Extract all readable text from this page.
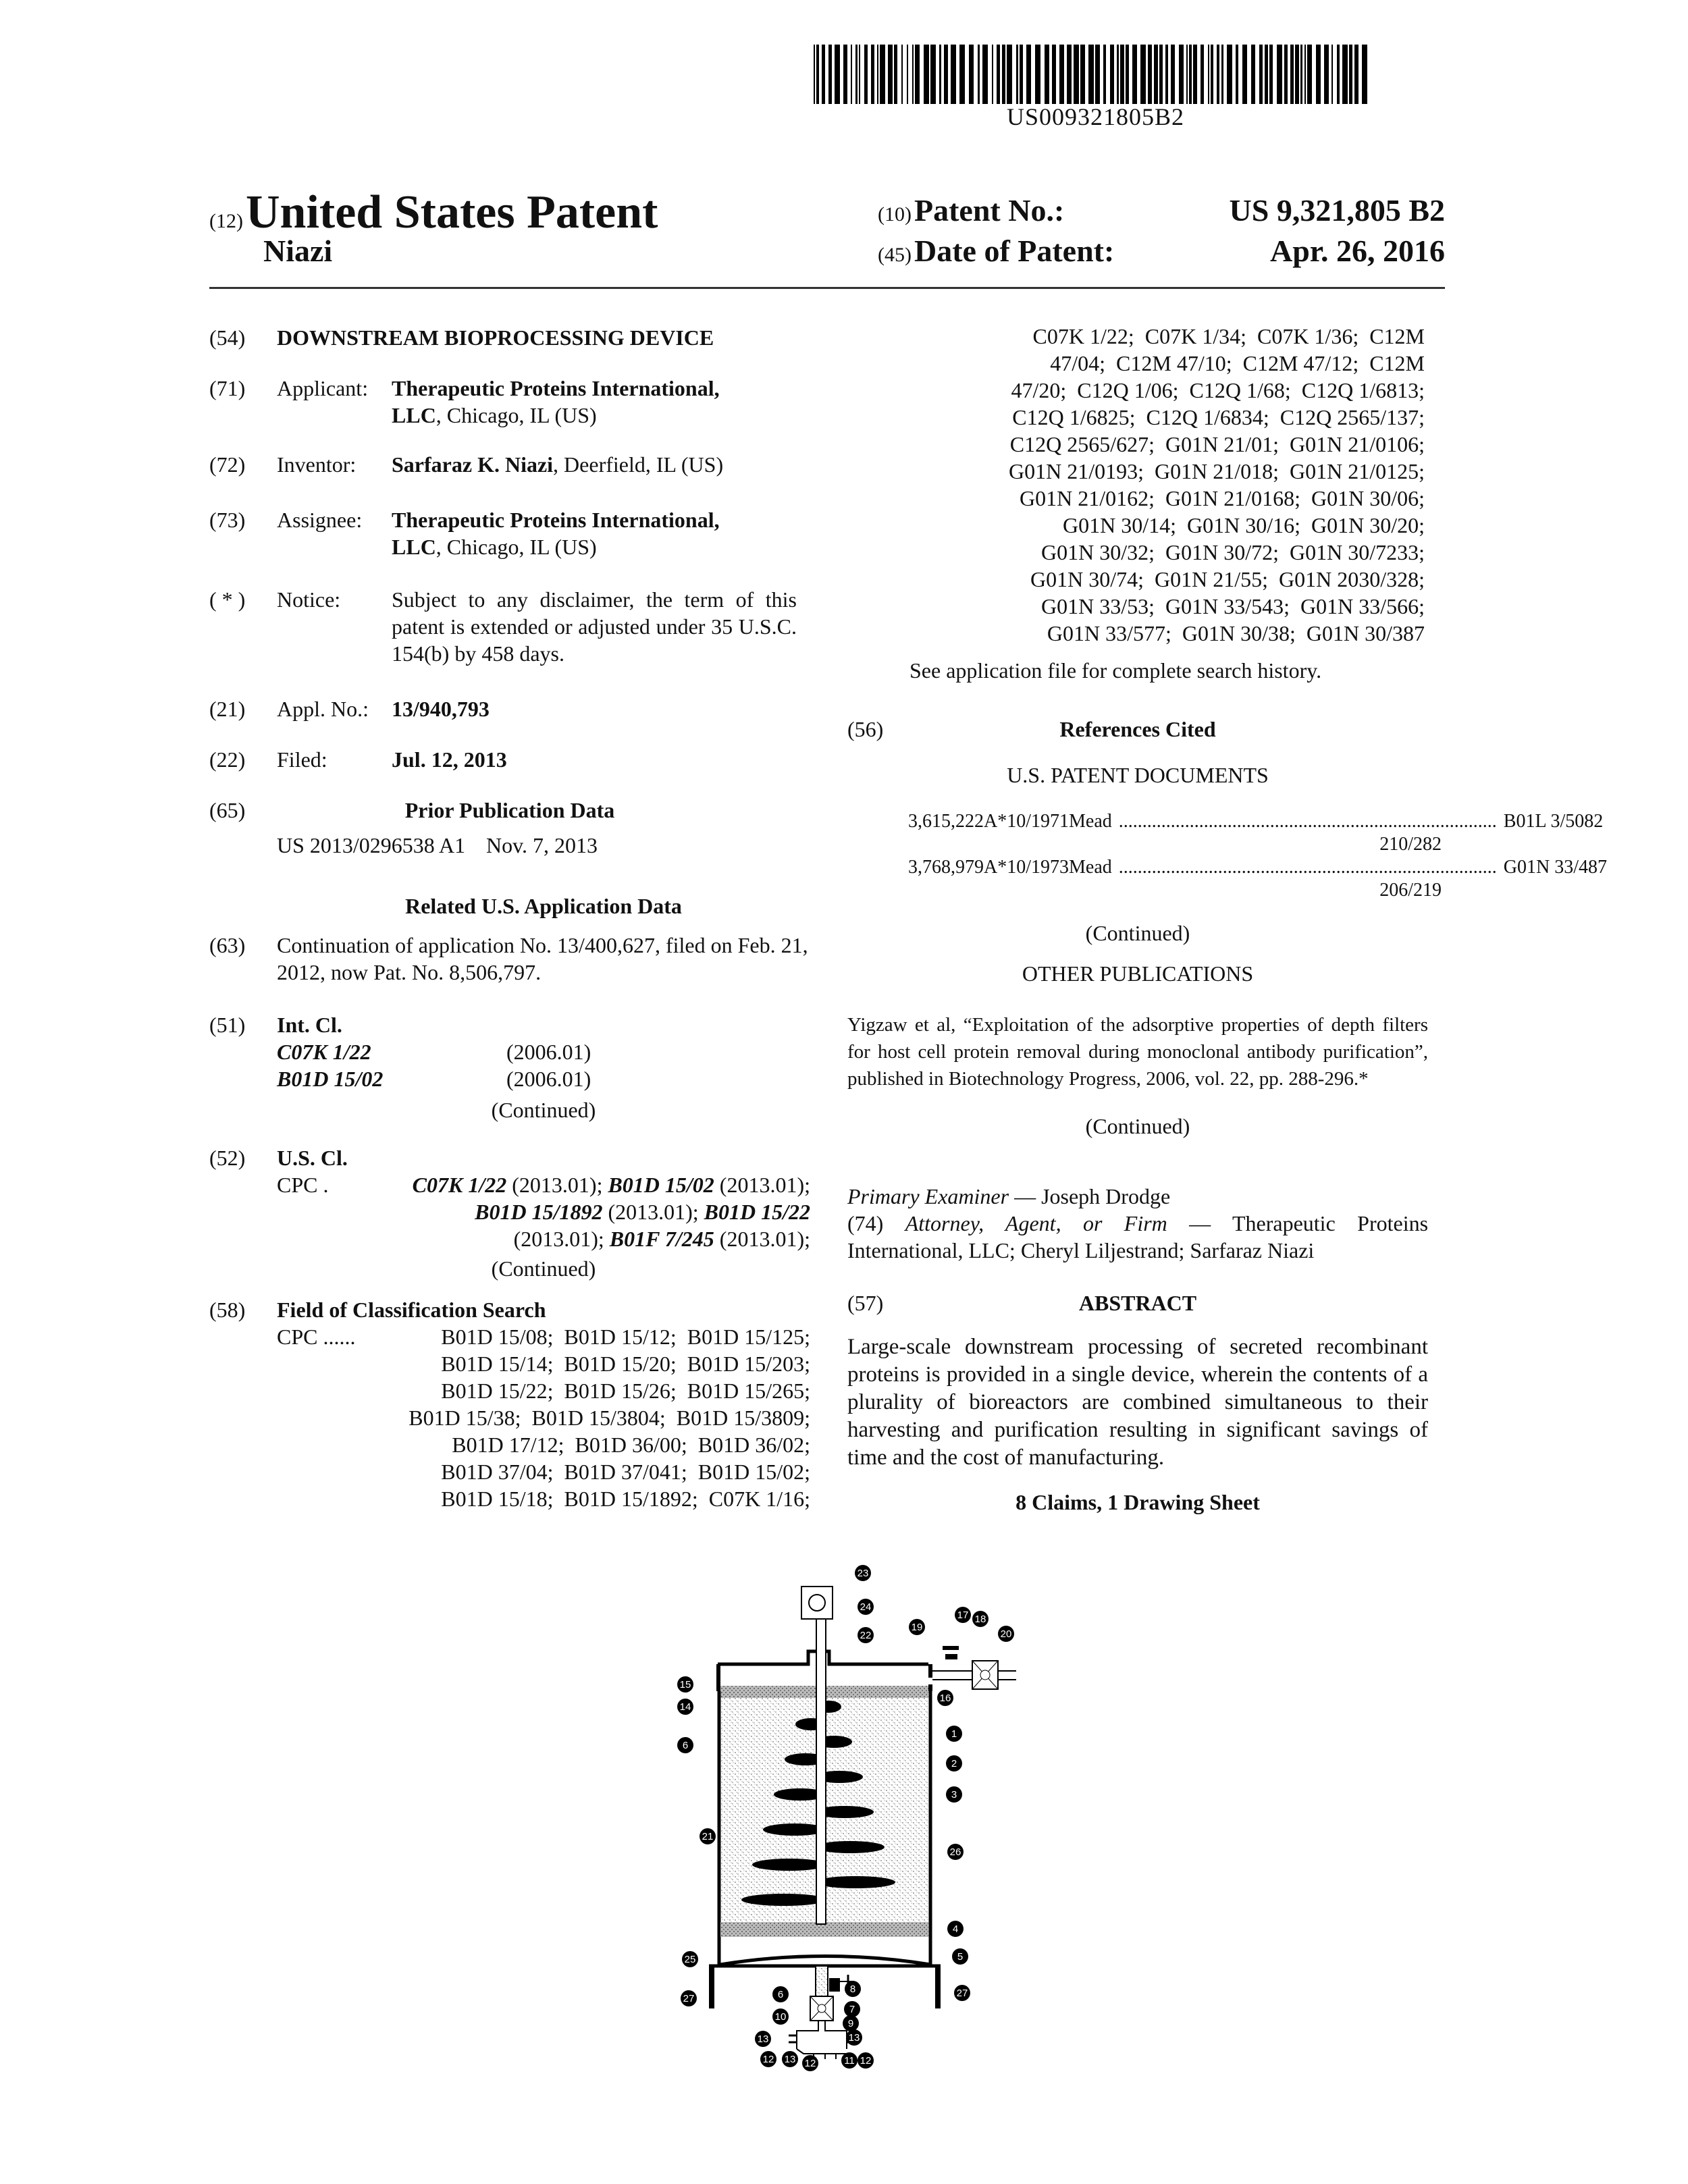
US009321805B2
(12) United States Patent
Niazi
(10) Patent No.:	US 9,321,805 B2
(45) Date of Patent:	Apr. 26, 2016
(54) DOWNSTREAM BIOPROCESSING DEVICE
(71) Applicant: Therapeutic Proteins International,
LLC, Chicago, IL (US)
(72) Inventor: Sarfaraz K. Niazi, Deerfield, IL (US)
(73) Assignee: Therapeutic Proteins International,
LLC, Chicago, IL (US)
( * )	Notice:	Subject to any disclaimer, the term of this patent is extended or adjusted under 35 U.S.C. 154(b) by 458 days.
(21) Appl. No.: 13/940,793
(22) Filed:	Jul. 12, 2013
(65)	Prior Publication Data
US 2013/0296538 A1 Nov. 7, 2013
Related U.S. Application Data
(63)	Continuation of application No. 13/400,627, filed on Feb. 21, 2012, now Pat. No. 8,506,797.
(51) Int. Cl.
C07K 1/22	(2006.01)
B01D 15/02	(2006.01)
(Continued)
(52) U.S. Cl.
CPC .	C07K 1/22 (2013.01); B01D 15/02 (2013.01);
B01D 15/1892 (2013.01); B01D 15/22
(2013.01); B01F 7/245 (2013.01);
(Continued)
(58) Field of Classification Search
CPC ......	B01D 15/08;  B01D 15/12;  B01D 15/125;
B01D 15/14;  B01D 15/20;  B01D 15/203;
B01D 15/22;  B01D 15/26;  B01D 15/265;
B01D 15/38;  B01D 15/3804;  B01D 15/3809;
B01D 17/12;  B01D 36/00;  B01D 36/02;
B01D 37/04;  B01D 37/041;  B01D 15/02;
B01D 15/18;  B01D 15/1892;  C07K 1/16;
C07K 1/22;  C07K 1/34;  C07K 1/36;  C12M
47/04;  C12M 47/10;  C12M 47/12;  C12M
47/20;  C12Q 1/06;  C12Q 1/68;  C12Q 1/6813;
C12Q 1/6825;  C12Q 1/6834;  C12Q 2565/137;
C12Q 2565/627;  G01N 21/01;  G01N 21/0106;
G01N 21/0193;  G01N 21/018;  G01N 21/0125;
G01N 21/0162;  G01N 21/0168;  G01N 30/06;
G01N 30/14;  G01N 30/16;  G01N 30/20;
G01N 30/32;  G01N 30/72;  G01N 30/7233;
G01N 30/74;  G01N 21/55;  G01N 2030/328;
G01N 33/53;  G01N 33/543;  G01N 33/566;
G01N 33/577;  G01N 30/38;  G01N 30/387
See application file for complete search history.
(56)	References Cited
U.S. PATENT DOCUMENTS
3,615,222 A * 10/1971 Mead ................................................................................ B01L 3/5082
210/282
3,768,979 A * 10/1973 Mead ................................................................................ G01N 33/487
206/219
(Continued)
OTHER PUBLICATIONS
Yigzaw et al, “Exploitation of the adsorptive properties of depth filters for host cell protein removal during monoclonal antibody purification”, published in Biotechnology Progress, 2006, vol. 22, pp. 288-296.*
(Continued)
Primary Examiner — Joseph Drodge
(74) Attorney, Agent, or Firm — Therapeutic Proteins International, LLC; Cheryl Liljestrand; Sarfaraz Niazi
(57)	ABSTRACT
Large-scale downstream processing of secreted recombinant proteins is provided in a single device, wherein the contents of a plurality of bioreactors are combined simultaneous to their harvesting and purification resulting in significant savings of time and the cost of manufacturing.
8 Claims, 1 Drawing Sheet
23
24
22
17 18
19
20
15
14
16
6
1
2
3
21
26
4
25	5
27	27
6	8
7
10
9
13	13
12 13	11
12	12
